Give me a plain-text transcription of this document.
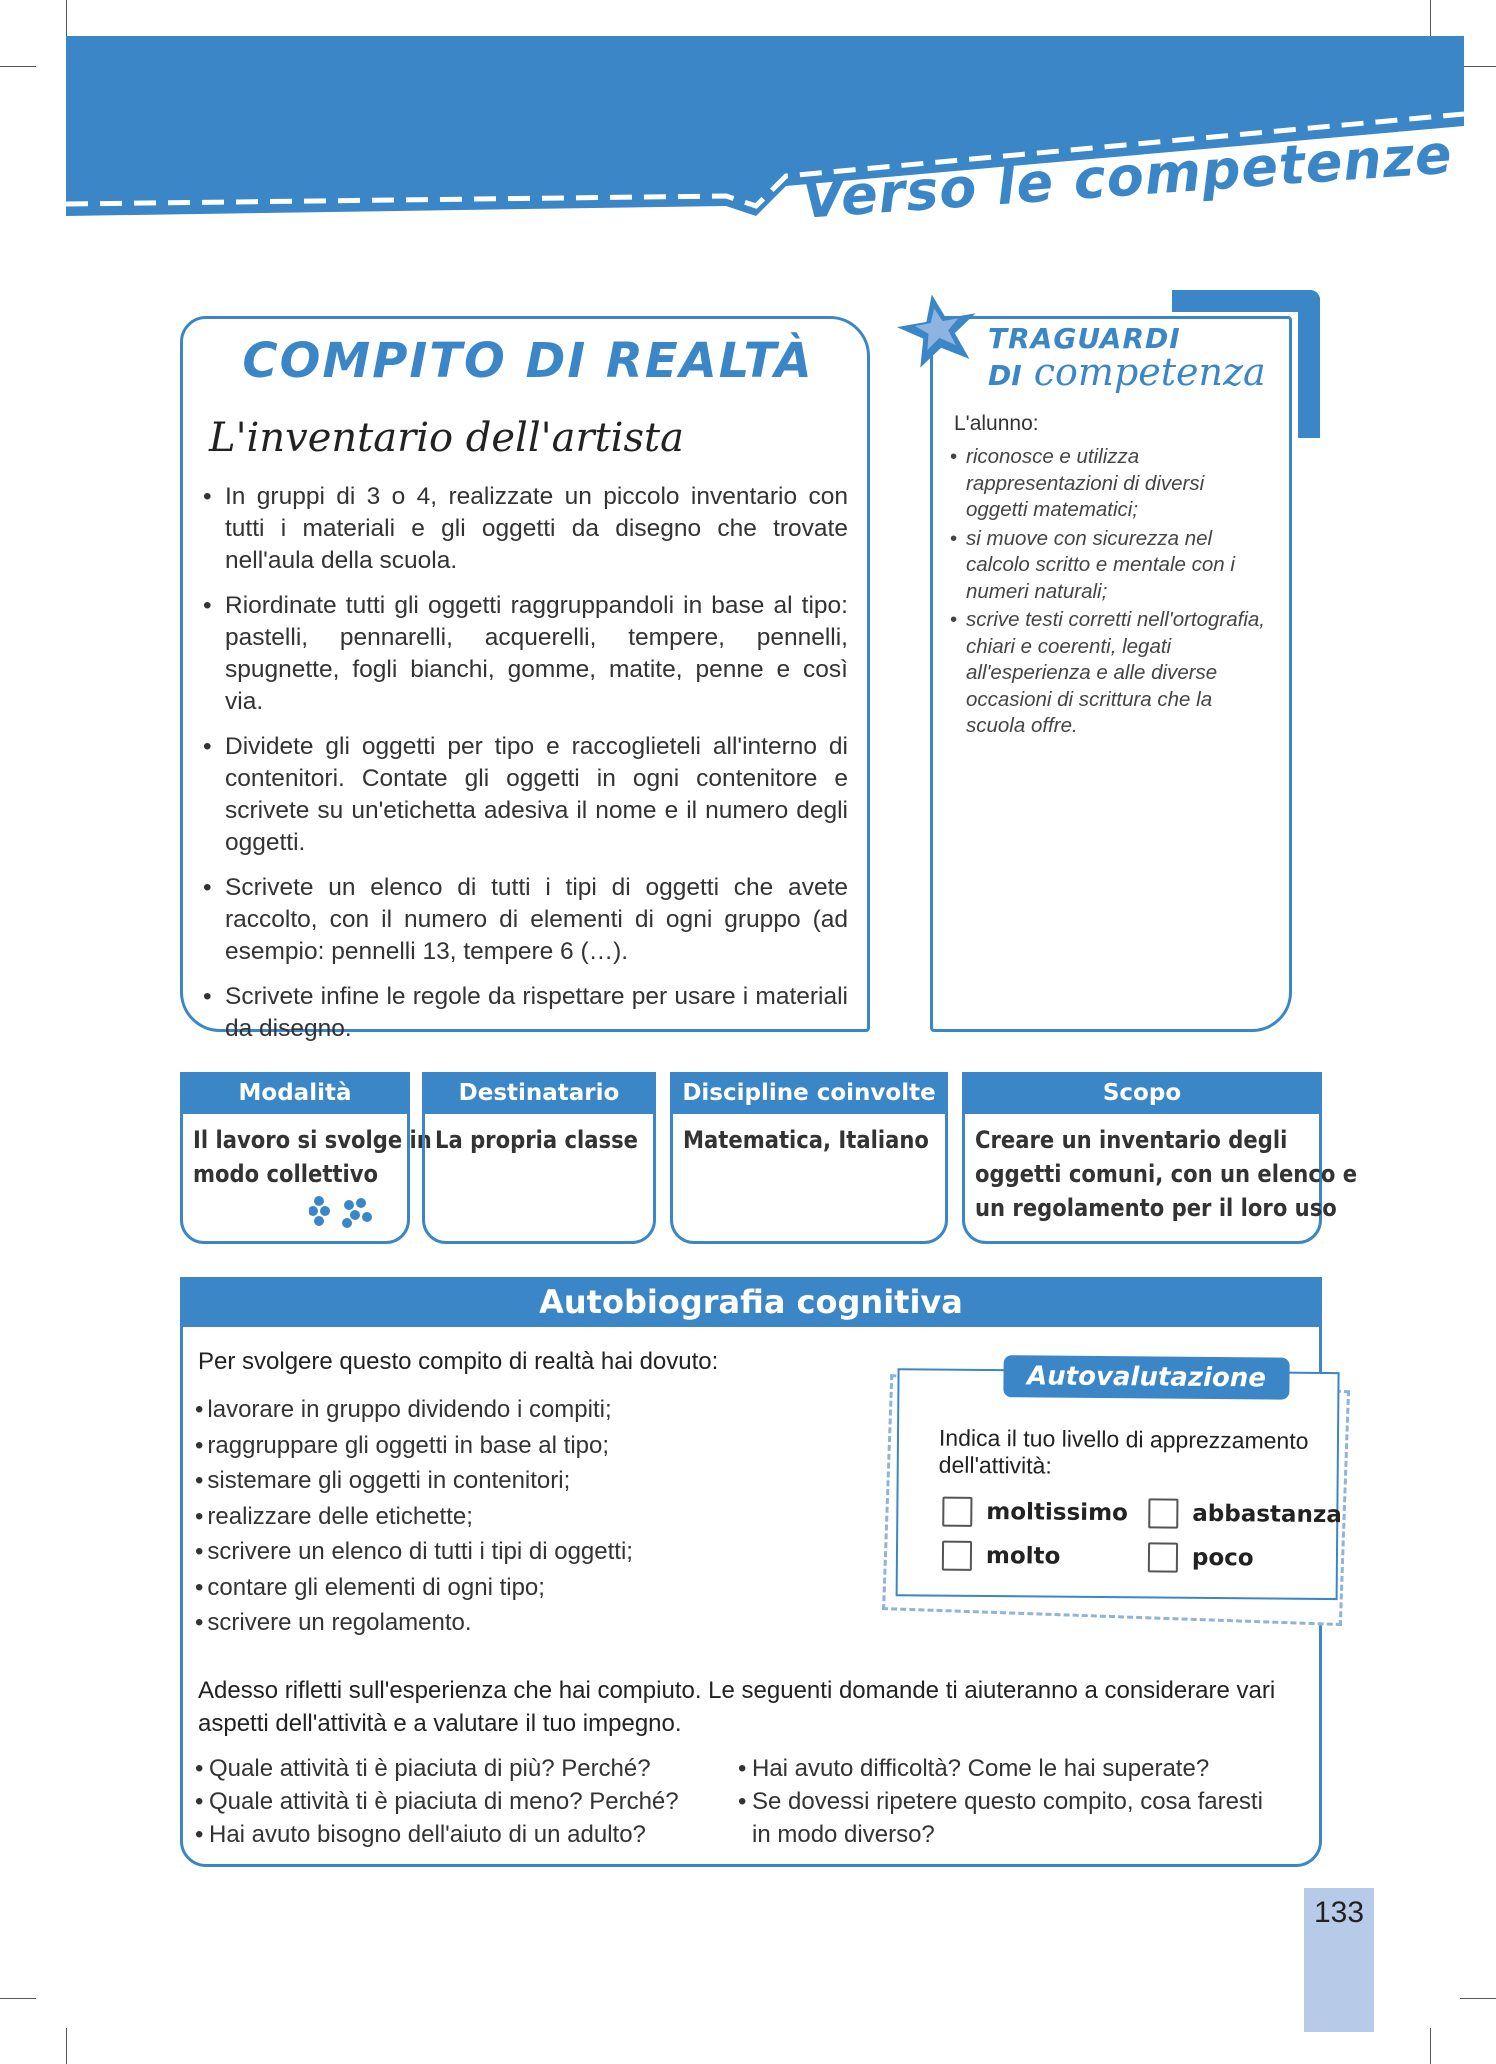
Verso le competenze
COMPITO DI REALTÀ
L'inventario dell'artista
• In gruppi di 3 o 4, realizzate un piccolo inventario con tutti i materiali e gli oggetti da disegno che trovate nell'aula della scuola.
• Riordinate tutti gli oggetti raggruppandoli in base al tipo: pastelli, pennarelli, acquerelli, tempere, pennelli, spugnette, fogli bianchi, gomme, matite, penne e così via.
• Dividete gli oggetti per tipo e raccoglieteli all'interno di contenitori. Contate gli oggetti in ogni contenitore e scrivete su un'etichetta adesiva il nome e il numero degli oggetti.
• Scrivete un elenco di tutti i tipi di oggetti che avete raccolto, con il numero di elementi di ogni gruppo (ad esempio: pennelli 13, tempere 6 (…).
• Scrivete infine le regole da rispettare per usare i materiali da disegno.
TRAGUARDI
DI competenza
L'alunno:
• riconosce e utilizza rappresentazioni di diversi oggetti matematici;
• si muove con sicurezza nel calcolo scritto e mentale con i numeri naturali;
• scrive testi corretti nell'ortografia, chiari e coerenti, legati all'esperienza e alle diverse occasioni di scrittura che la scuola offre.
Modalità
Il lavoro si svolge in modo collettivo
Destinatario
La propria classe
Discipline coinvolte
Matematica, Italiano
Scopo
Creare un inventario degli oggetti comuni, con un elenco e un regolamento per il loro uso
Autobiografia cognitiva
Per svolgere questo compito di realtà hai dovuto:
• lavorare in gruppo dividendo i compiti;
• raggruppare gli oggetti in base al tipo;
• sistemare gli oggetti in contenitori;
• realizzare delle etichette;
• scrivere un elenco di tutti i tipi di oggetti;
• contare gli elementi di ogni tipo;
• scrivere un regolamento.
Adesso rifletti sull'esperienza che hai compiuto. Le seguenti domande ti aiuteranno a considerare vari aspetti dell'attività e a valutare il tuo impegno.
• Quale attività ti è piaciuta di più? Perché?
• Quale attività ti è piaciuta di meno? Perché?
• Hai avuto bisogno dell'aiuto di un adulto?
• Hai avuto difficoltà? Come le hai superate?
• Se dovessi ripetere questo compito, cosa faresti in modo diverso?
Autovalutazione
Indica il tuo livello di apprezzamento dell'attività:
moltissimo	abbastanza
molto	poco
133
